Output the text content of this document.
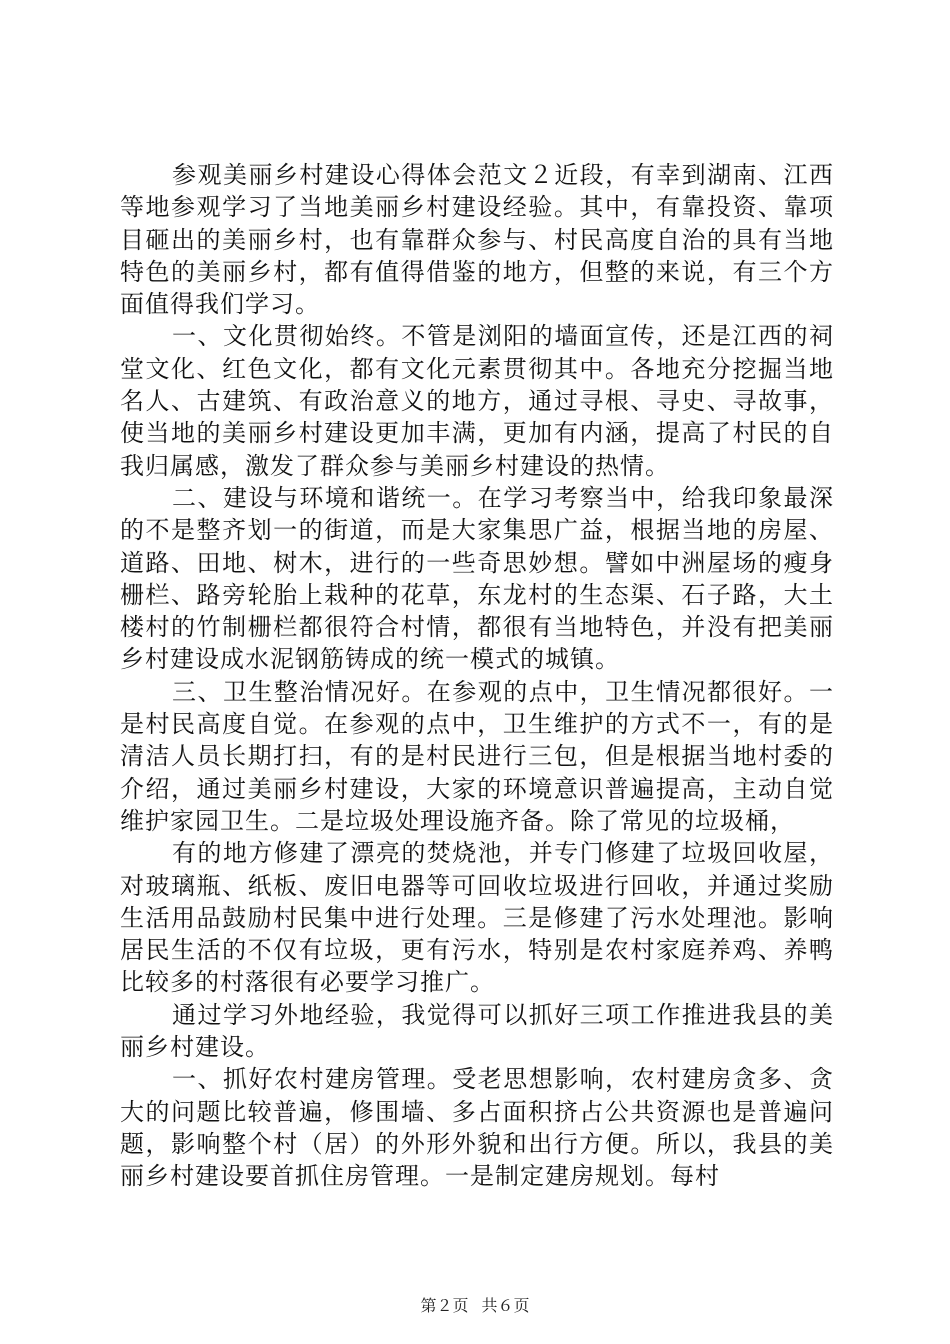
参观美丽乡村建设心得体会范文２近段，有幸到湖南、江西等地参观学习了当地美丽乡村建设经验。其中，有靠投资、靠项目砸出的美丽乡村，也有靠群众参与、村民高度自治的具有当地特色的美丽乡村，都有值得借鉴的地方，但整的来说，有三个方面值得我们学习。

一、文化贯彻始终。不管是浏阳的墙面宣传，还是江西的祠堂文化、红色文化，都有文化元素贯彻其中。各地充分挖掘当地名人、古建筑、有政治意义的地方，通过寻根、寻史、寻故事，使当地的美丽乡村建设更加丰满，更加有内涵，提高了村民的自我归属感，激发了群众参与美丽乡村建设的热情。

二、建设与环境和谐统一。在学习考察当中，给我印象最深的不是整齐划一的街道，而是大家集思广益，根据当地的房屋、道路、田地、树木，进行的一些奇思妙想。譬如中洲屋场的瘦身栅栏、路旁轮胎上栽种的花草，东龙村的生态渠、石子路，大土楼村的竹制栅栏都很符合村情，都很有当地特色，并没有把美丽乡村建设成水泥钢筋铸成的统一模式的城镇。

三、卫生整治情况好。在参观的点中，卫生情况都很好。一是村民高度自觉。在参观的点中，卫生维护的方式不一，有的是清洁人员长期打扫，有的是村民进行三包，但是根据当地村委的介绍，通过美丽乡村建设，大家的环境意识普遍提高，主动自觉维护家园卫生。二是垃圾处理设施齐备。除了常见的垃圾桶，

有的地方修建了漂亮的焚烧池，并专门修建了垃圾回收屋，对玻璃瓶、纸板、废旧电器等可回收垃圾进行回收，并通过奖励生活用品鼓励村民集中进行处理。三是修建了污水处理池。影响居民生活的不仅有垃圾，更有污水，特别是农村家庭养鸡、养鸭比较多的村落很有必要学习推广。

通过学习外地经验，我觉得可以抓好三项工作推进我县的美丽乡村建设。

一、抓好农村建房管理。受老思想影响，农村建房贪多、贪大的问题比较普遍，修围墙、多占面积挤占公共资源也是普遍问题，影响整个村（居）的外形外貌和出行方便。所以，我县的美丽乡村建设要首抓住房管理。一是制定建房规划。每村

第２页 共６页
